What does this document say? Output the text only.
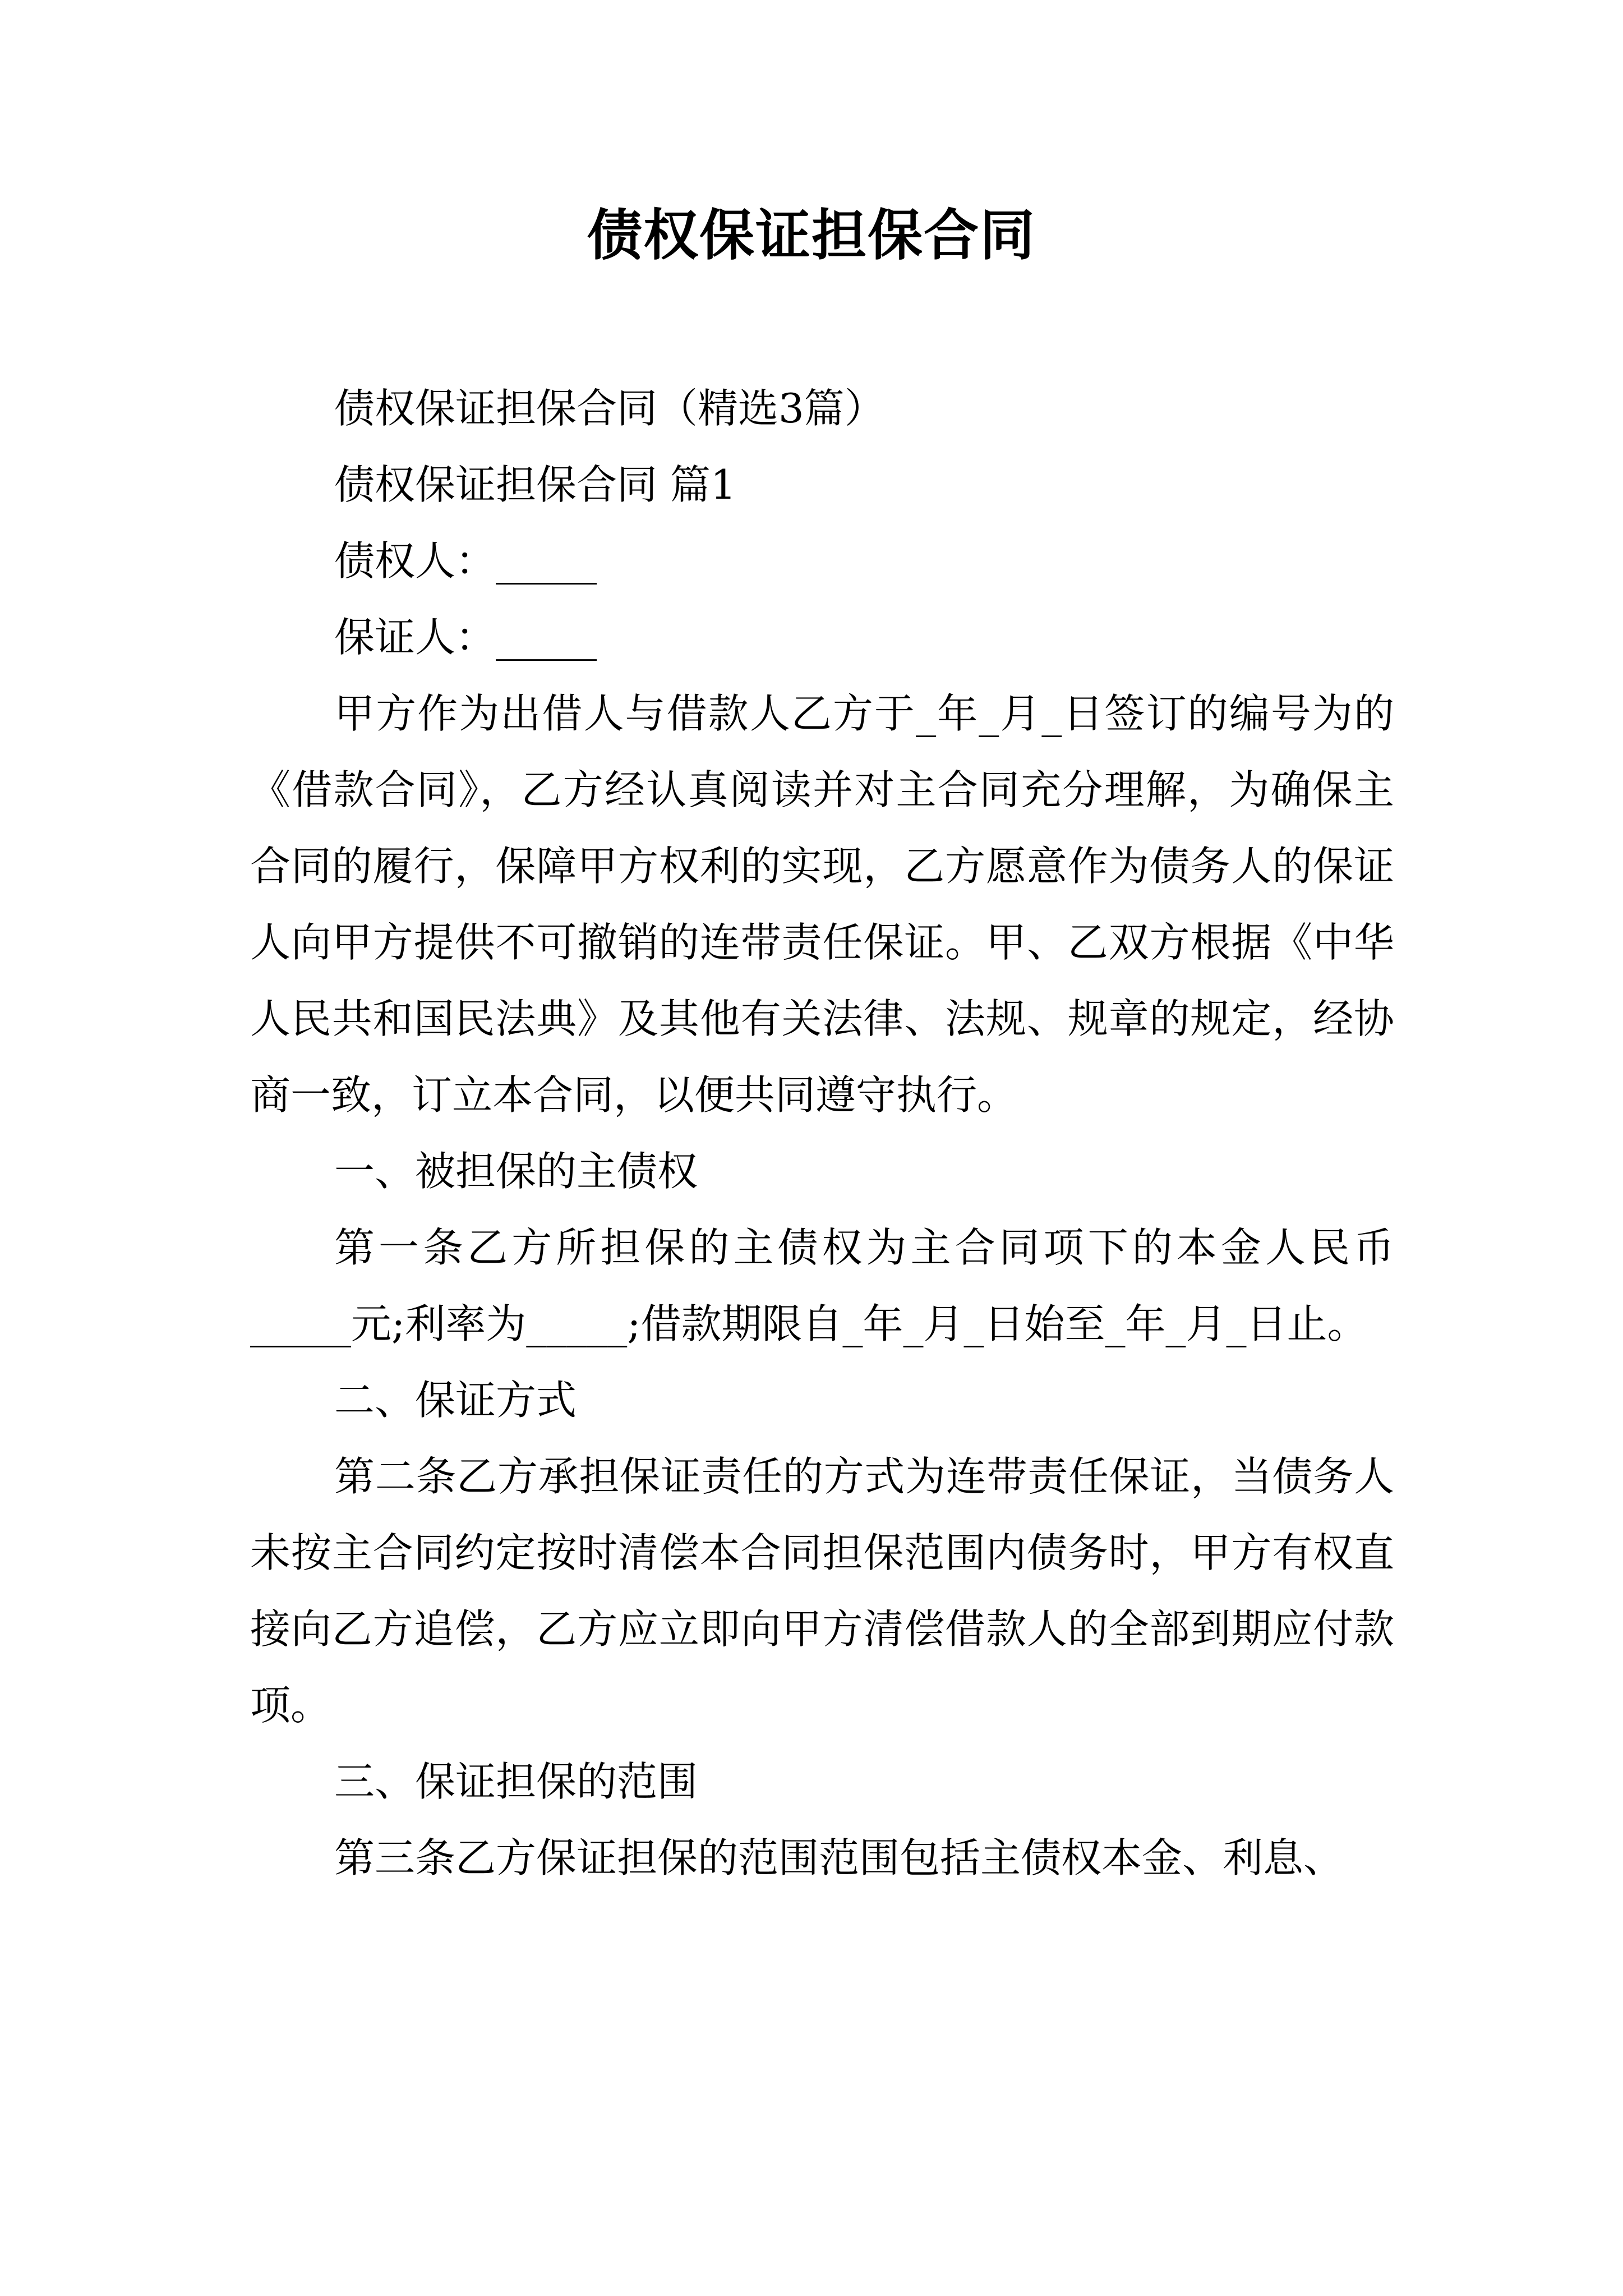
债权保证担保合同

债权保证担保合同（精选3篇）

债权保证担保合同 篇1

债权人：_____

保证人：_____

甲方作为出借人与借款人乙方于_年_月_日签订的编号为的《借款合同》，乙方经认真阅读并对主合同充分理解，为确保主合同的履行，保障甲方权利的实现，乙方愿意作为债务人的保证人向甲方提供不可撤销的连带责任保证。甲、乙双方根据《中华人民共和国民法典》及其他有关法律、法规、规章的规定，经协商一致，订立本合同，以便共同遵守执行。

一、被担保的主债权

第一条乙方所担保的主债权为主合同项下的本金人民币_____元;利率为_____;借款期限自_年_月_日始至_年_月_日止。

二、保证方式

第二条乙方承担保证责任的方式为连带责任保证，当债务人未按主合同约定按时清偿本合同担保范围内债务时，甲方有权直接向乙方追偿，乙方应立即向甲方清偿借款人的全部到期应付款项。

三、保证担保的范围

第三条乙方保证担保的范围范围包括主债权本金、利息、
